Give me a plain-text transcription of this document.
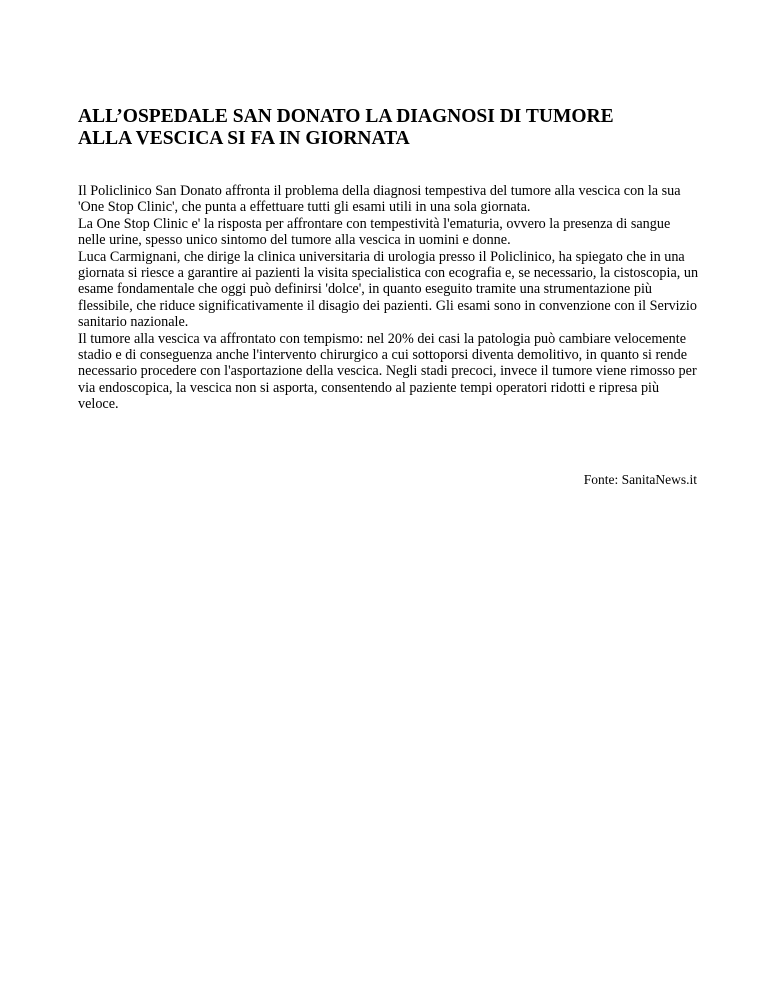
ALL’OSPEDALE SAN DONATO LA DIAGNOSI DI TUMORE
ALLA VESCICA SI FA IN GIORNATA

Il Policlinico San Donato affronta il problema della diagnosi tempestiva del tumore alla vescica con la sua 'One Stop Clinic', che punta a effettuare tutti gli esami utili in una sola giornata.

La One Stop Clinic e' la risposta per affrontare con tempestività l'ematuria, ovvero la presenza di sangue nelle urine, spesso unico sintomo del tumore alla vescica in uomini e donne.

Luca Carmignani, che dirige la clinica universitaria di urologia presso il Policlinico, ha spiegato che in una giornata si riesce a garantire ai pazienti la visita specialistica con ecografia e, se necessario, la cistoscopia, un esame fondamentale che oggi può definirsi 'dolce', in quanto eseguito tramite una strumentazione più flessibile, che riduce significativamente il disagio dei pazienti. Gli esami sono in convenzione con il Servizio sanitario nazionale.

Il tumore alla vescica va affrontato con tempismo: nel 20% dei casi la patologia può cambiare velocemente stadio e di conseguenza anche l'intervento chirurgico a cui sottoporsi diventa demolitivo, in quanto si rende necessario procedere con l'asportazione della vescica. Negli stadi precoci, invece il tumore viene rimosso per via endoscopica, la vescica non si asporta, consentendo al paziente tempi operatori ridotti e ripresa più veloce.

Fonte: SanitaNews.it
